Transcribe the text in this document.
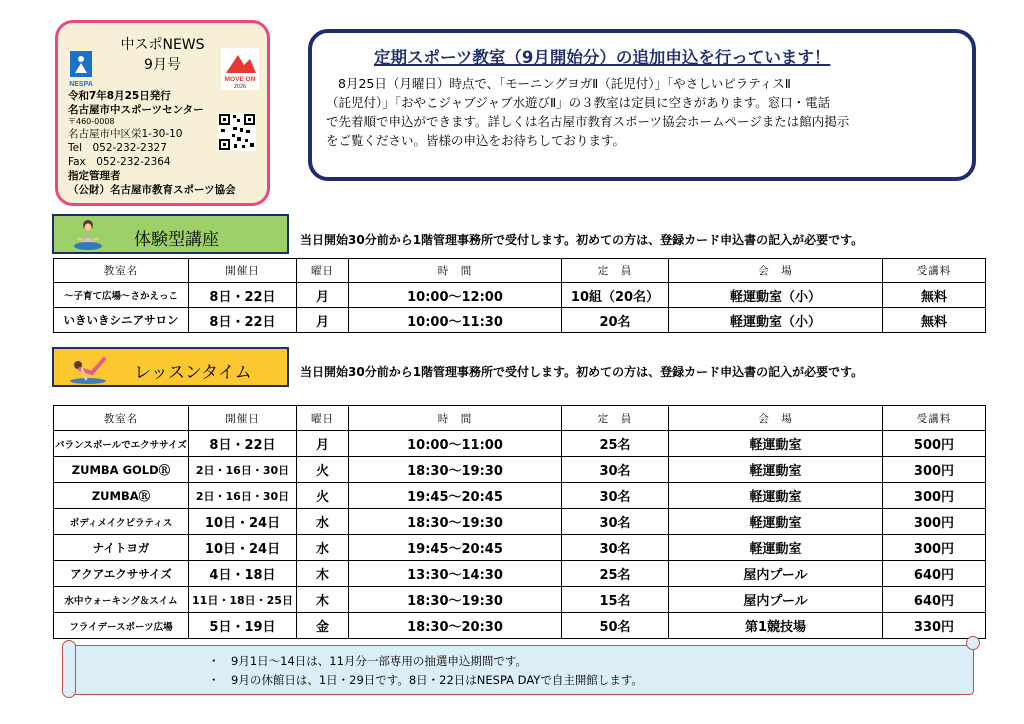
NESPA
中スポNEWS
9月号
MOVE ON
2026
令和7年8月25日発行
名古屋市中スポーツセンター
〒460-0008
名古屋市中区栄1-30-10
Tel　052-232-2327
Fax　052-232-2364
指定管理者
（公財）名古屋市教育スポーツ協会
定期スポーツ教室（9月開始分）の追加申込を行っています！
8月25日（月曜日）時点で、「モーニングヨガⅡ（託児付）」「やさしいピラティスⅡ
（託児付）」「おやこジャブジャブ水遊びⅡ」の３教室は定員に空きがあります。窓口・電話
で先着順で申込ができます。詳しくは名古屋市教育スポーツ協会ホームページまたは館内掲示
をご覧ください。皆様の申込をお待ちしております。
体験型講座	当日開始30分前から1階管理事務所で受付します。初めての方は、登録カード申込書の記入が必要です。
教室名	開催日	曜日	時　間	定　員	会　場	受講料
～子育て広場～さかえっこ	8日・22日	月	10:00～12:00	10組（20名）	軽運動室（小）	無料
いきいきシニアサロン	8日・22日	月	10:00～11:30	20名	軽運動室（小）	無料
レッスンタイム	当日開始30分前から1階管理事務所で受付します。初めての方は、登録カード申込書の記入が必要です。
教室名	開催日	曜日	時　間	定　員	会　場	受講料
バランスボールでエクササイズ	8日・22日	月	10:00～11:00	25名	軽運動室	500円
ZUMBA GOLDⓇ	2日・16日・30日	火	18:30～19:30	30名	軽運動室	300円
ZUMBAⓇ	2日・16日・30日	火	19:45～20:45	30名	軽運動室	300円
ボディメイクピラティス	10日・24日	水	18:30～19:30	30名	軽運動室	300円
ナイトヨガ	10日・24日	水	19:45～20:45	30名	軽運動室	300円
アクアエクササイズ	4日・18日	木	13:30～14:30	25名	屋内プール	640円
水中ウォーキング＆スイム	11日・18日・25日	木	18:30～19:30	15名	屋内プール	640円
フライデースポーツ広場	5日・19日	金	18:30～20:30	50名	第1競技場	330円
・　9月1日～14日は、11月分一部専用の抽選申込期間です。
・　9月の休館日は、1日・29日です。8日・22日はNESPA DAYで自主開館します。
